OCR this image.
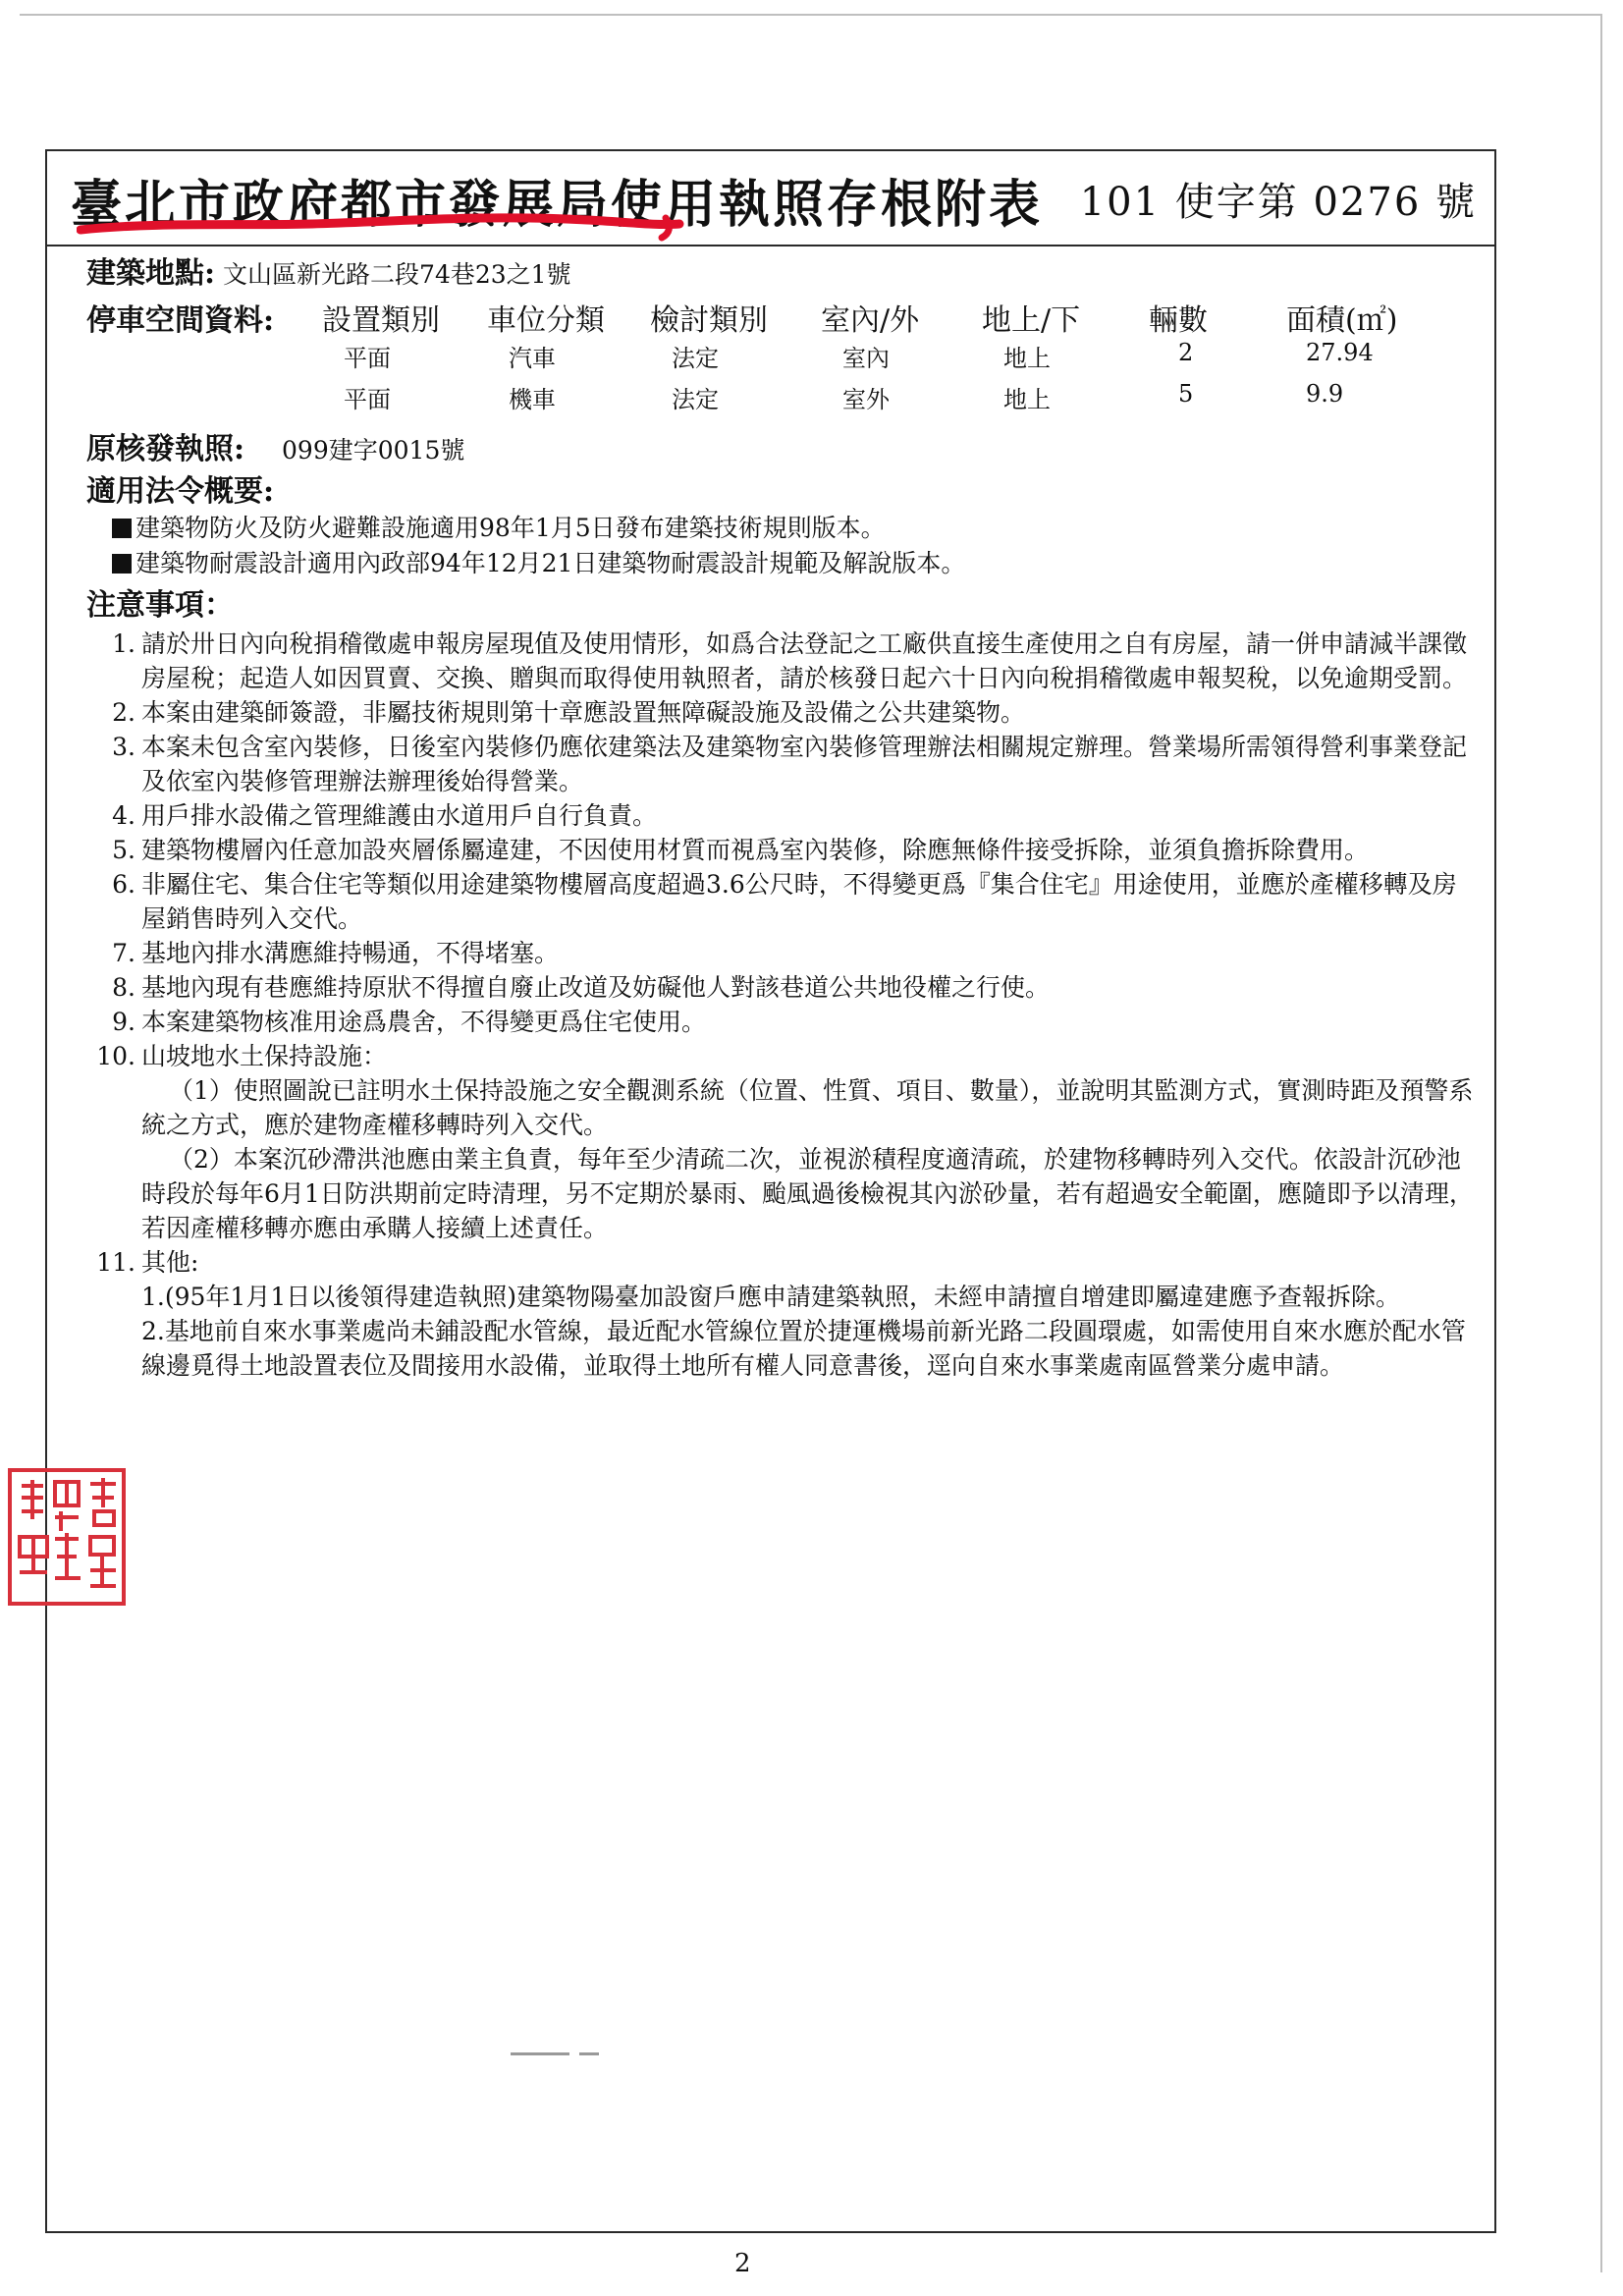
臺北市政府都市發展局使用執照存根附表 101 使字第 0276 號
建築地點: 文山區新光路二段74巷23之1號
停車空間資料: 設置類別 車位分類 檢討類別 室內/外 地上/下 輛數	面積(㎡)
平面	汽車	法定	室內	地上	2	27.94
平面	機車	法定	室外	地上	5	9.9
原核發執照: 099建字0015號
適用法令概要:
建築物防火及防火避難設施適用98年1月5日發布建築技術規則版本。
建築物耐震設計適用內政部94年12月21日建築物耐震設計規範及解說版本。
注意事項：
1. 請於卅日內向稅捐稽徵處申報房屋現值及使用情形，如爲合法登記之工廠供直接生產使用之自有房屋，請一併申請減半課徵房屋稅；起造人如因買賣、交換、贈與而取得使用執照者，請於核發日起六十日內向稅捐稽徵處申報契稅，以免逾期受罰。
2. 本案由建築師簽證，非屬技術規則第十章應設置無障礙設施及設備之公共建築物。
3. 本案未包含室內裝修，日後室內裝修仍應依建築法及建築物室內裝修管理辦法相關規定辦理。營業場所需領得營利事業登記及依室內裝修管理辦法辦理後始得營業。
4. 用戶排水設備之管理維護由水道用戶自行負責。
5. 建築物樓層內任意加設夾層係屬違建，不因使用材質而視爲室內裝修，除應無條件接受拆除，並須負擔拆除費用。
6. 非屬住宅、集合住宅等類似用途建築物樓層高度超過3.6公尺時，不得變更爲『集合住宅』用途使用，並應於產權移轉及房屋銷售時列入交代。
7. 基地內排水溝應維持暢通，不得堵塞。
8. 基地內現有巷應維持原狀不得擅自廢止改道及妨礙他人對該巷道公共地役權之行使。
9. 本案建築物核准用途爲農舍，不得變更爲住宅使用。
10. 山坡地水土保持設施：
（1）使照圖說已註明水土保持設施之安全觀測系統（位置、性質、項目、數量），並說明其監測方式，實測時距及預警系統之方式，應於建物產權移轉時列入交代。
（2）本案沉砂滯洪池應由業主負責，每年至少清疏二次，並視淤積程度適清疏，於建物移轉時列入交代。依設計沉砂池時段於每年6月1日防洪期前定時清理，另不定期於暴雨、颱風過後檢視其內淤砂量，若有超過安全範圍，應隨即予以清理，若因產權移轉亦應由承購人接續上述責任。
11. 其他:
1.(95年1月1日以後領得建造執照)建築物陽臺加設窗戶應申請建築執照，未經申請擅自增建即屬違建應予查報拆除。
2.基地前自來水事業處尚未鋪設配水管線，最近配水管線位置於捷運機場前新光路二段圓環處，如需使用自來水應於配水管線邊覓得土地設置表位及間接用水設備，並取得土地所有權人同意書後，逕向自來水事業處南區營業分處申請。
2
